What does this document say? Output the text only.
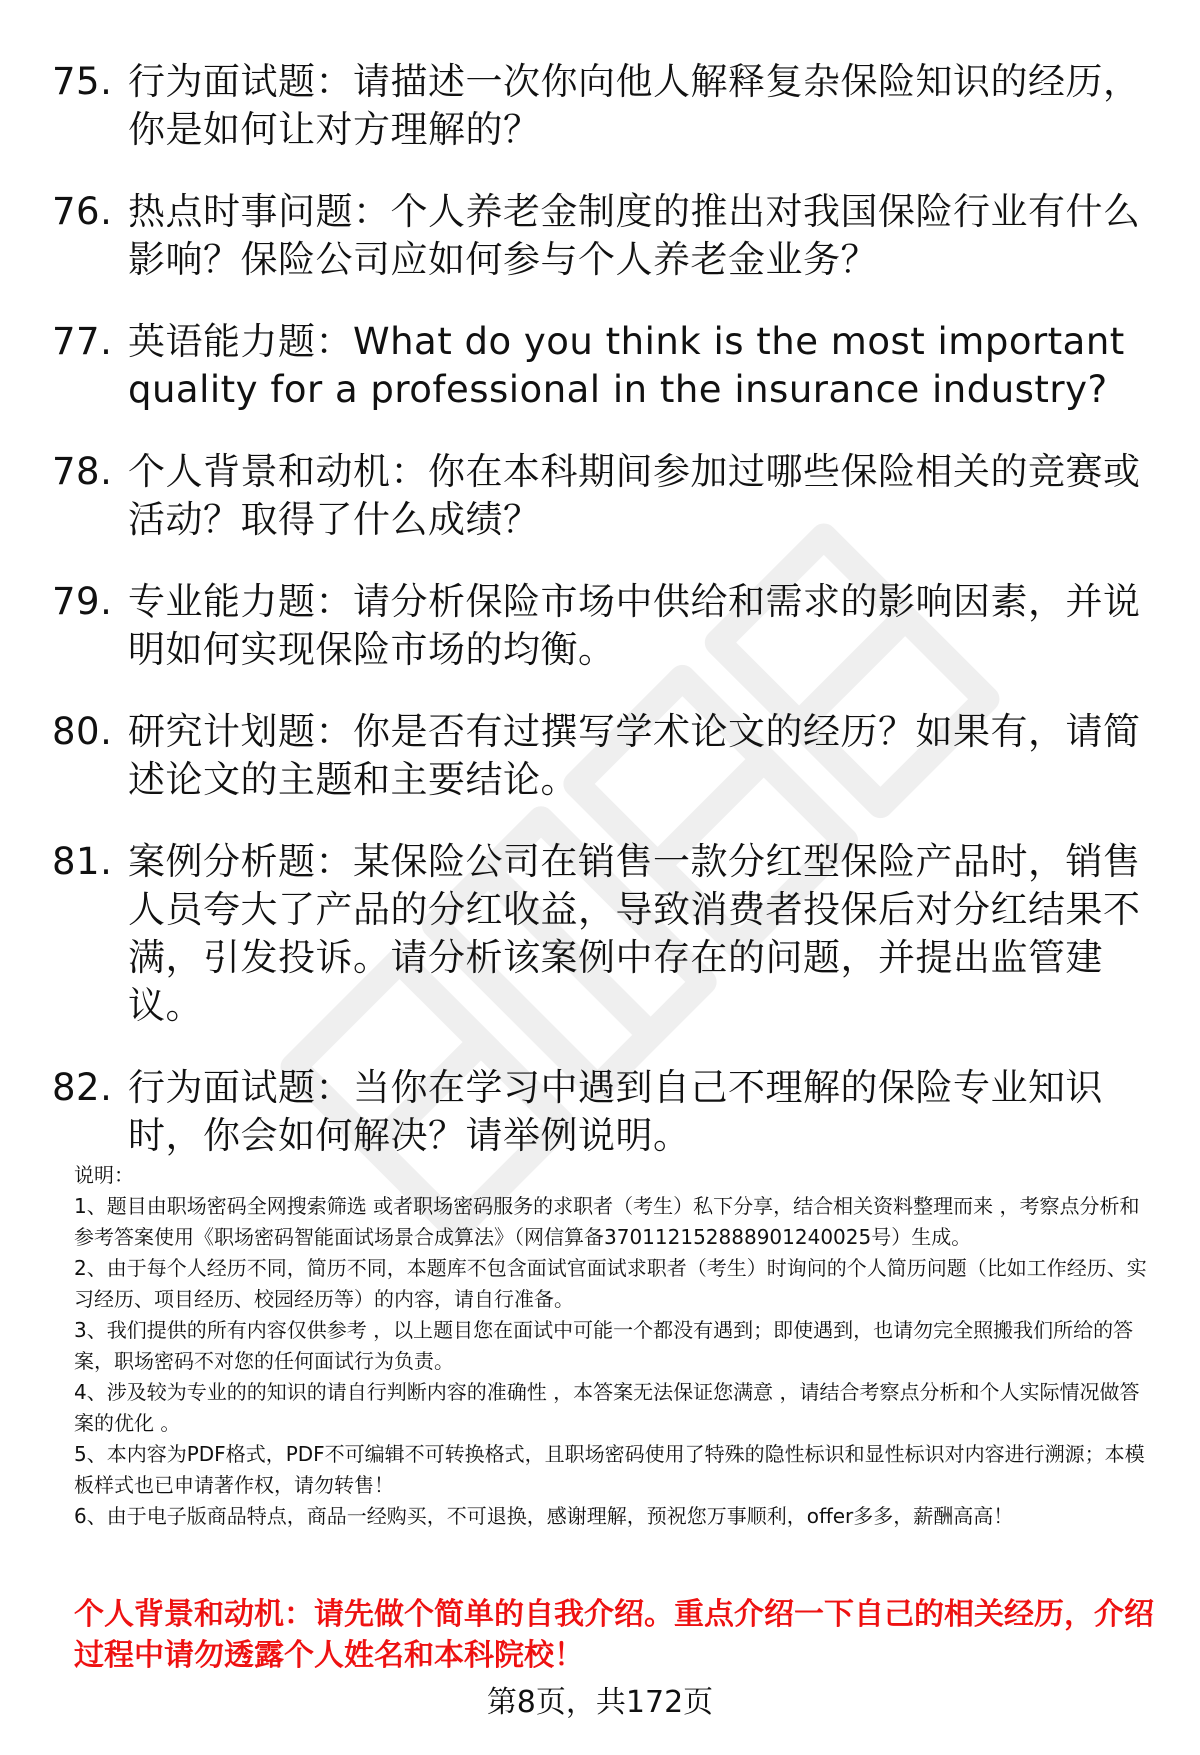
75. 行为面试题：请描述一次你向他人解释复杂保险知识的经历，你是如何让对方理解的？
76. 热点时事问题：个人养老金制度的推出对我国保险行业有什么影响？保险公司应如何参与个人养老金业务？
77. 英语能力题：What do you think is the most important quality for a professional in the insurance industry?
78. 个人背景和动机：你在本科期间参加过哪些保险相关的竞赛或活动？取得了什么成绩？
79. 专业能力题：请分析保险市场中供给和需求的影响因素，并说明如何实现保险市场的均衡。
80. 研究计划题：你是否有过撰写学术论文的经历？如果有，请简述论文的主题和主要结论。
81. 案例分析题：某保险公司在销售一款分红型保险产品时，销售人员夸大了产品的分红收益，导致消费者投保后对分红结果不满，引发投诉。请分析该案例中存在的问题，并提出监管建议。
82. 行为面试题：当你在学习中遇到自己不理解的保险专业知识时，你会如何解决？请举例说明。

说明：

1、题目由职场密码全网搜索筛选 或者职场密码服务的求职者（考生）私下分享，结合相关资料整理而来 ，考察点分析和参考答案使用《职场密码智能面试场景合成算法》（网信算备370112152888901240025号）生成。

2、由于每个人经历不同，简历不同，本题库不包含面试官面试求职者（考生）时询问的个人简历问题（比如工作经历、实习经历、项目经历、校园经历等）的内容，请自行准备。

3、我们提供的所有内容仅供参考 ，以上题目您在面试中可能一个都没有遇到；即使遇到，也请勿完全照搬我们所给的答案，职场密码不对您的任何面试行为负责。

4、涉及较为专业的的知识的请自行判断内容的准确性 ，本答案无法保证您满意 ，请结合考察点分析和个人实际情况做答案的优化 。

5、本内容为PDF格式，PDF不可编辑不可转换格式，且职场密码使用了特殊的隐性标识和显性标识对内容进行溯源；本模板样式也已申请著作权，请勿转售！

6、由于电子版商品特点，商品一经购买，不可退换，感谢理解，预祝您万事顺利，offer多多，薪酬高高！

个人背景和动机：请先做个简单的自我介绍。重点介绍一下自己的相关经历，介绍过程中请勿透露个人姓名和本科院校！
第8页，共172页
